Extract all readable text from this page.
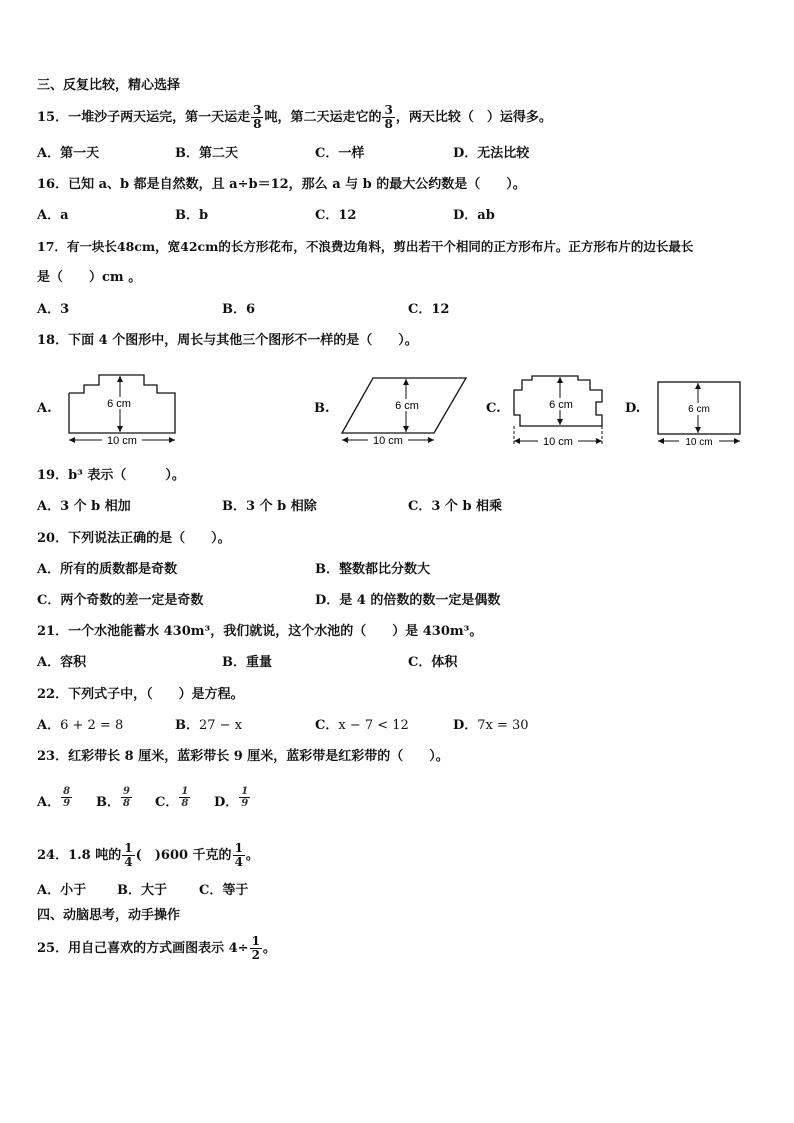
三、反复比较，精心选择
15．一堆沙子两天运完，第一天运走 $\frac{3}{8}$ 吨，第二天运走它的 $\frac{3}{8}$ ，两天比较（　）运得多。
A．第一天	B．第二天	C．一样	D．无法比较
16．已知 a、b 都是自然数，且 a÷b＝12，那么 a 与 b 的最大公约数是（　　）。
A．a	B．b	C．12	D．ab
17．有一块长48cm，宽42cm的长方形花布，不浪费边角料，剪出若干个相同的正方形布片。正方形布片的边长最长
是（　　）cm 。
A．3	B．6	C．12
18．下面 4 个图形中，周长与其他三个图形不一样的是（　　）。
A.	6 cm
10 cm
B.	6 cm
10 cm
C.	6 cm
10 cm
D.	6 cm
10 cm
19．b³ 表示（　　　）。
A．3 个 b 相加	B．3 个 b 相除	C．3 个 b 相乘
20．下列说法正确的是（　　）。
A．所有的质数都是奇数	B．整数都比分数大
C．两个奇数的差一定是奇数	D．是 4 的倍数的数一定是偶数
21．一个水池能蓄水 430m³，我们就说，这个水池的（　　）是 430m³。
A．容积	B．重量	C．体积
22．下列式子中，（　　）是方程。
A．6 + 2 = 8	B．27 − x	C．x − 7 < 12	D．7x = 30
23．红彩带长 8 厘米，蓝彩带长 9 厘米，蓝彩带是红彩带的（　　）。
A． $\frac{8}{9}$ B． $\frac{9}{8}$ C． $\frac{1}{8}$ D． $\frac{1}{9}$
24．1.8 吨的 $\frac{1}{4}$ (　)600 千克的 $\frac{1}{4}$ 。
A．小于 B．大于 C．等于
四、动脑思考，动手操作
25．用自己喜欢的方式画图表示 $4\div \frac{1}{2}$ 。
